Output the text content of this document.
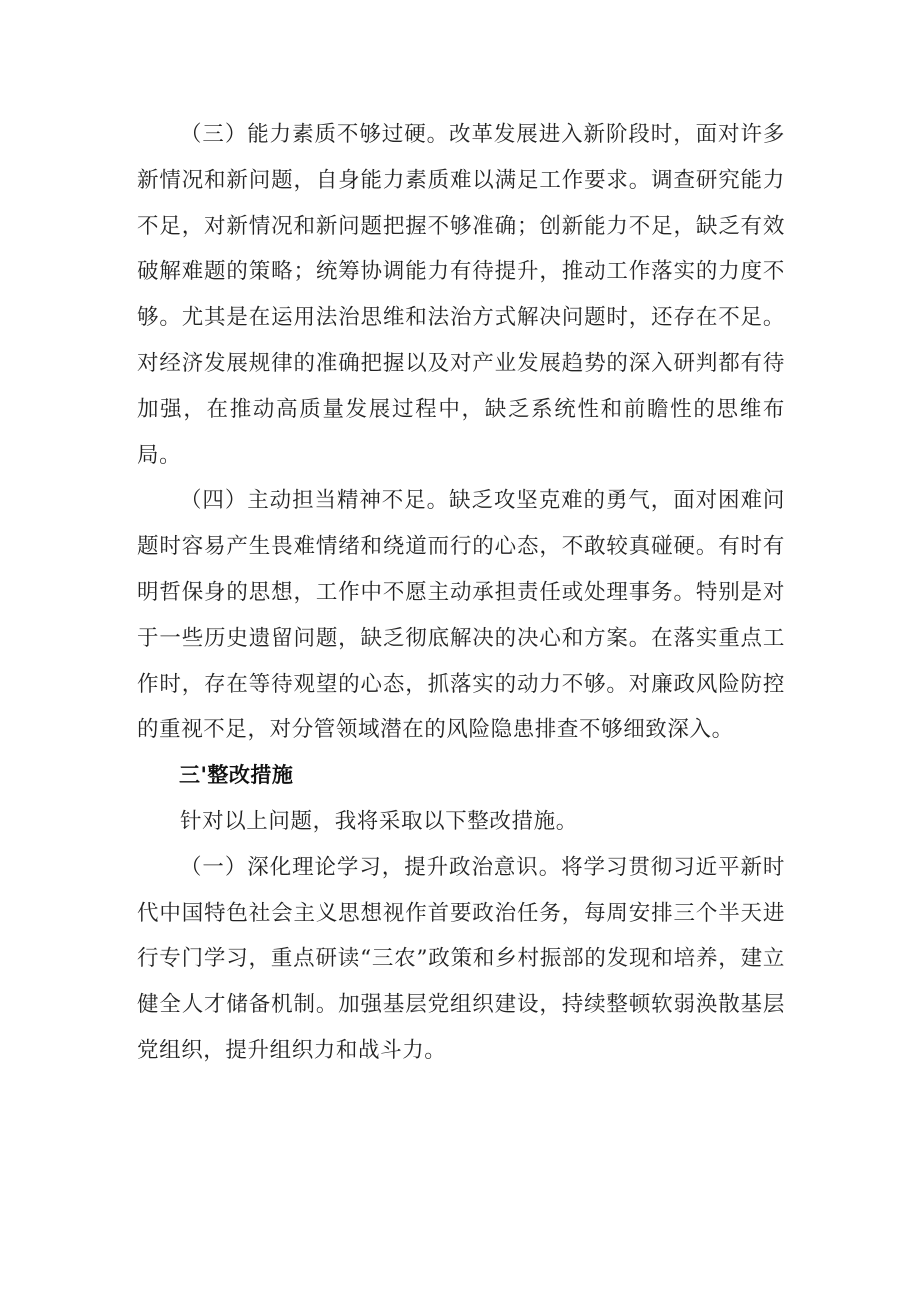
（三）能力素质不够过硬。改革发展进入新阶段时，面对许多新情况和新问题，自身能力素质难以满足工作要求。调查研究能力不足，对新情况和新问题把握不够准确；创新能力不足，缺乏有效破解难题的策略；统筹协调能力有待提升，推动工作落实的力度不够。尤其是在运用法治思维和法治方式解决问题时，还存在不足。对经济发展规律的准确把握以及对产业发展趋势的深入研判都有待加强，在推动高质量发展过程中，缺乏系统性和前瞻性的思维布局。

（四）主动担当精神不足。缺乏攻坚克难的勇气，面对困难问题时容易产生畏难情绪和绕道而行的心态，不敢较真碰硬。有时有明哲保身的思想，工作中不愿主动承担责任或处理事务。特别是对于一些历史遗留问题，缺乏彻底解决的决心和方案。在落实重点工作时，存在等待观望的心态，抓落实的动力不够。对廉政风险防控的重视不足，对分管领域潜在的风险隐患排查不够细致深入。

三'整改措施

针对以上问题，我将采取以下整改措施。

（一）深化理论学习，提升政治意识。将学习贯彻习近平新时代中国特色社会主义思想视作首要政治任务，每周安排三个半天进行专门学习，重点研读“三农”政策和乡村振部的发现和培养，建立健全人才储备机制。加强基层党组织建设，持续整顿软弱涣散基层党组织，提升组织力和战斗力。
